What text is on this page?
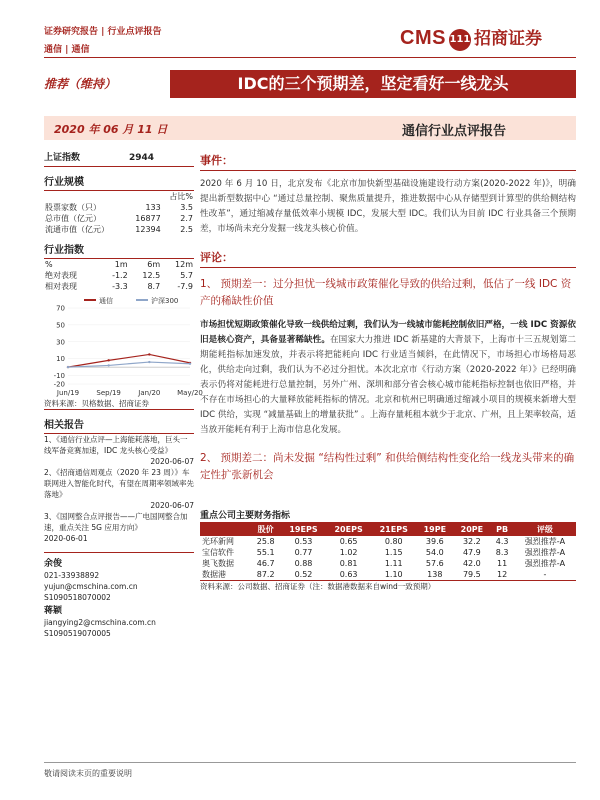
证券研究报告 | 行业点评报告
通信 | 通信
CMS 111 招商证券
推荐（维持）	IDC的三个预期差，坚定看好一线龙头
2020 年 06 月 11 日	通信行业点评报告
上证指数	2944
行业规模
		占比%
股票家数（只）	133	3.5
总市值（亿元）	16877	2.7
流通市值（亿元）	12394	2.5
行业指数
%	1m	6m	12m
绝对表现	-1.2	12.5	5.7
相对表现	-3.3	8.7	-7.9
通信	沪深300
70
50
30
10
-10
-20
Jun/19 Sep/19 Jan/20 May/20
资料来源：贝格数据、招商证券
相关报告
1、《通信行业点评—上海能耗落地，巨头一线军备竞赛加速，IDC 龙头核心受益》
2020-06-07
2、《招商通信周观点（2020 年 23 周）》车联网进入智能化时代，有望在周期率领域率先落地》
2020-06-07
3、《国网整合点评报告——广电国网整合加速，重点关注 5G 应用方向》
2020-06-01
余俊
021-33938892
yujun@cmschina.com.cn
S1090518070002
蒋颖
jiangying2@cmschina.com.cn
S1090519070005
事件：

2020 年 6 月 10 日，北京发布《北京市加快新型基础设施建设行动方案(2020-2022 年)》，明确提出新型数据中心 “通过总量控制、聚焦质量提升，推进数据中心从存储型到计算型的供给侧结构性改革”，通过缩减存量低效率小规模 IDC，发展大型 IDC。我们认为目前 IDC 行业具备三个预期差，市场尚未充分发掘一线龙头核心价值。

评论：
1、 预期差一：过分担忧一线城市政策催化导致的供给过剩，低估了一线 IDC 资产的稀缺性价值

市场担忧短期政策催化导致一线供给过剩，我们认为一线城市能耗控制依旧严格，一线 IDC 资源依旧是核心资产，具备显著稀缺性。在国家大力推进 IDC 新基建的大背景下，上海市十三五规划第二期能耗指标加速发放，并表示将把能耗向 IDC 行业适当倾斜，在此情况下，市场担心市场格局恶化，供给走向过剩，我们认为不必过分担忧。本次北京市《行动方案（2020-2022 年）》已经明确表示仍将对能耗进行总量控制，另外广州、深圳和部分省会核心城市能耗指标控制也依旧严格，并不存在市场担心的大量释放能耗指标的情况。北京和杭州已明确通过缩减小项目的规模来新增大型 IDC 供给，实现 “减量基础上的增量获批” 。上海存量耗租本就少于北京、广州，且上架率较高，适当放开能耗有利于上海市信息化发展。

2、 预期差二：尚未发掘 “结构性过剩” 和供给侧结构性变化给一线龙头带来的确定性扩张新机会
重点公司主要财务指标
	股价	19EPS	20EPS	21EPS	19PE	20PE	PB	评级
光环新网	25.8	0.53	0.65	0.80	39.6	32.2	4.3	强烈推荐-A
宝信软件	55.1	0.77	1.02	1.15	54.0	47.9	8.3	强烈推荐-A
奥飞数据	46.7	0.88	0.81	1.11	57.6	42.0	11	强烈推荐-A
数据港	87.2	0.52	0.63	1.10	138	79.5	12	-
资料来源：公司数据、招商证券（注：数据港数据来自wind一致预期）
敬请阅读末页的重要说明
